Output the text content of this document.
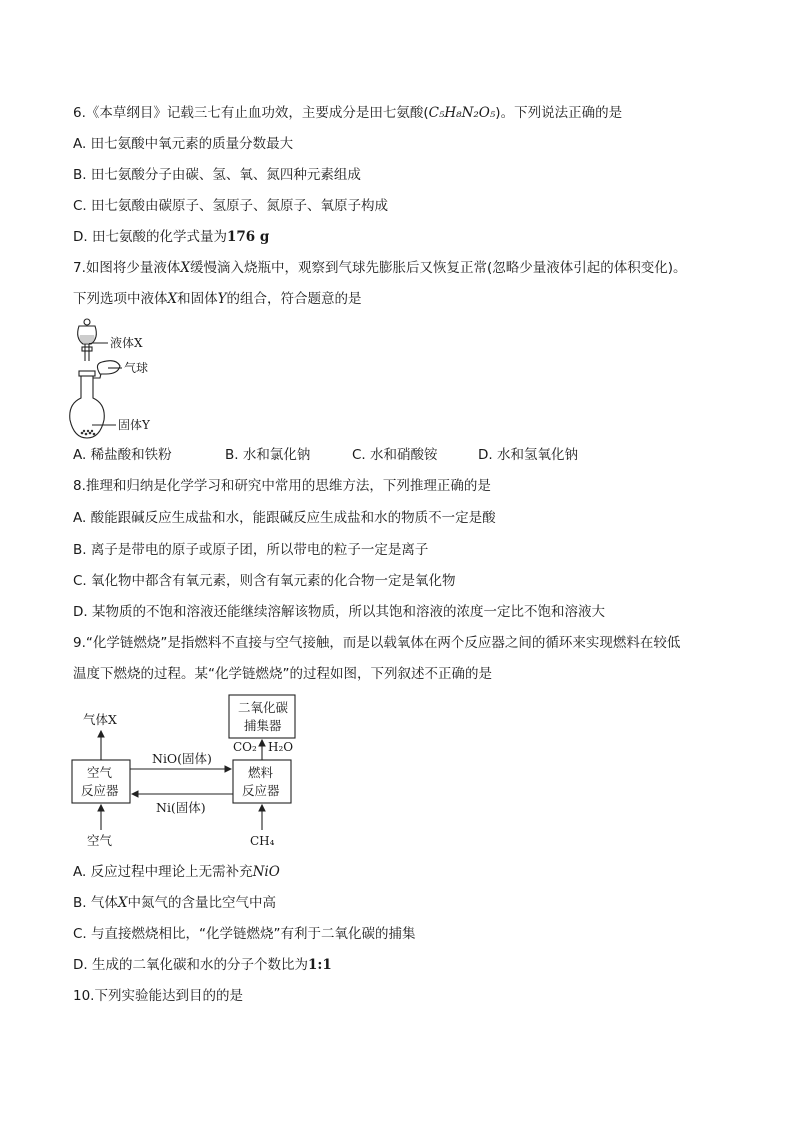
6.《本草纲目》记载三七有止血功效，主要成分是田七氨酸(C₅H₈N₂O₅)。下列说法正确的是
A. 田七氨酸中氧元素的质量分数最大
B. 田七氨酸分子由碳、氢、氧、氮四种元素组成
C. 田七氨酸由碳原子、氢原子、氮原子、氧原子构成
D. 田七氨酸的化学式量为176 g
7.如图将少量液体X缓慢滴入烧瓶中，观察到气球先膨胀后又恢复正常(忽略少量液体引起的体积变化)。
下列选项中液体X和固体Y的组合，符合题意的是
液体X
气球
固体Y
A. 稀盐酸和铁粉	B. 水和氯化钠	C. 水和硝酸铵	D. 水和氢氧化钠
8.推理和归纳是化学学习和研究中常用的思维方法，下列推理正确的是
A. 酸能跟碱反应生成盐和水，能跟碱反应生成盐和水的物质不一定是酸
B. 离子是带电的原子或原子团，所以带电的粒子一定是离子
C. 氧化物中都含有氧元素，则含有氧元素的化合物一定是氧化物
D. 某物质的不饱和溶液还能继续溶解该物质，所以其饱和溶液的浓度一定比不饱和溶液大
9.“化学链燃烧”是指燃料不直接与空气接触，而是以载氧体在两个反应器之间的循环来实现燃料在较低
温度下燃烧的过程。某“化学链燃烧”的过程如图，下列叙述不正确的是
气体X
二氧化碳
捕集器
CO₂ H₂O
NiO(固体)
Ni(固体)
空气
反应器
燃料
反应器
空气	CH₄
A. 反应过程中理论上无需补充NiO
B. 气体X中氮气的含量比空气中高
C. 与直接燃烧相比，“化学链燃烧”有利于二氧化碳的捕集
D. 生成的二氧化碳和水的分子个数比为1:1
10.下列实验能达到目的的是
